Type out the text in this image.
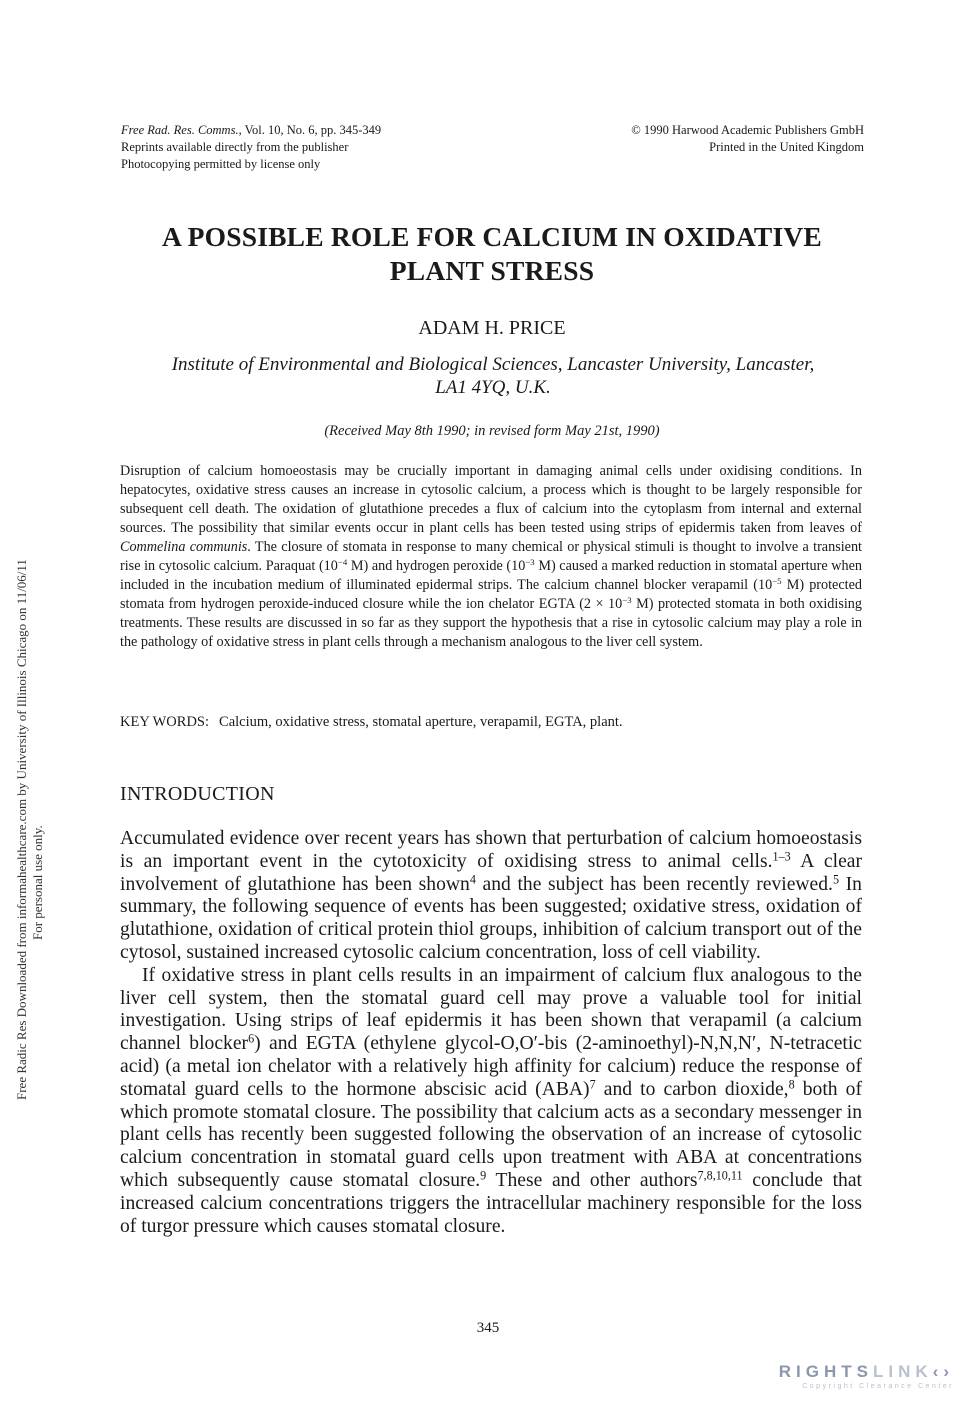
Free Rad. Res. Comms., Vol. 10, No. 6, pp. 345-349
Reprints available directly from the publisher
Photocopying permitted by license only
© 1990 Harwood Academic Publishers GmbH
Printed in the United Kingdom
A POSSIBLE ROLE FOR CALCIUM IN OXIDATIVE
PLANT STRESS
ADAM H. PRICE
Institute of Environmental and Biological Sciences, Lancaster University, Lancaster,
LA1 4YQ, U.K.
(Received May 8th 1990; in revised form May 21st, 1990)
Disruption of calcium homoeostasis may be crucially important in damaging animal cells under oxidising conditions. In hepatocytes, oxidative stress causes an increase in cytosolic calcium, a process which is thought to be largely responsible for subsequent cell death. The oxidation of glutathione precedes a flux of calcium into the cytoplasm from internal and external sources. The possibility that similar events occur in plant cells has been tested using strips of epidermis taken from leaves of Commelina communis. The closure of stomata in response to many chemical or physical stimuli is thought to involve a transient rise in cytosolic calcium. Paraquat ($10^{-4}$ M) and hydrogen peroxide ($10^{-3}$ M) caused a marked reduction in stomatal aperture when included in the incubation medium of illuminated epidermal strips. The calcium channel blocker verapamil ($10^{-5}$ M) protected stomata from hydrogen peroxide-induced closure while the ion chelator EGTA ($2 \times 10^{-3}$ M) protected stomata in both oxidising treatments. These results are discussed in so far as they support the hypothesis that a rise in cytosolic calcium may play a role in the pathology of oxidative stress in plant cells through a mechanism analogous to the liver cell system.
KEY WORDS: Calcium, oxidative stress, stomatal aperture, verapamil, EGTA, plant.
INTRODUCTION

Accumulated evidence over recent years has shown that perturbation of calcium homoeostasis is an important event in the cytotoxicity of oxidising stress to animal cells.$^{1-3}$ A clear involvement of glutathione has been shown$^4$ and the subject has been recently reviewed.$^5$ In summary, the following sequence of events has been suggested; oxidative stress, oxidation of glutathione, oxidation of critical protein thiol groups, inhibition of calcium transport out of the cytosol, sustained increased cytosolic calcium concentration, loss of cell viability.

If oxidative stress in plant cells results in an impairment of calcium flux analogous to the liver cell system, then the stomatal guard cell may prove a valuable tool for initial investigation. Using strips of leaf epidermis it has been shown that verapamil (a calcium channel blocker$^6$) and EGTA (ethylene glycol-O,O′-bis (2-aminoethyl)-N,N,N′, N-tetracetic acid) (a metal ion chelator with a relatively high affinity for calcium) reduce the response of stomatal guard cells to the hormone abscisic acid (ABA)$^7$ and to carbon dioxide,$^8$ both of which promote stomatal closure. The possibility that calcium acts as a secondary messenger in plant cells has recently been suggested following the observation of an increase of cytosolic calcium concentration in stomatal guard cells upon treatment with ABA at concentrations which subsequently cause stomatal closure.$^9$ These and other authors$^{7,8,10,11}$ conclude that increased calcium concentrations triggers the intracellular machinery responsible for the loss of turgor pressure which causes stomatal closure.

345
Free Radic Res Downloaded from informahealthcare.com by University of Illinois Chicago on 11/06/11 For personal use only.
RIGHTSLINK‹›
Copyright Clearance Center
